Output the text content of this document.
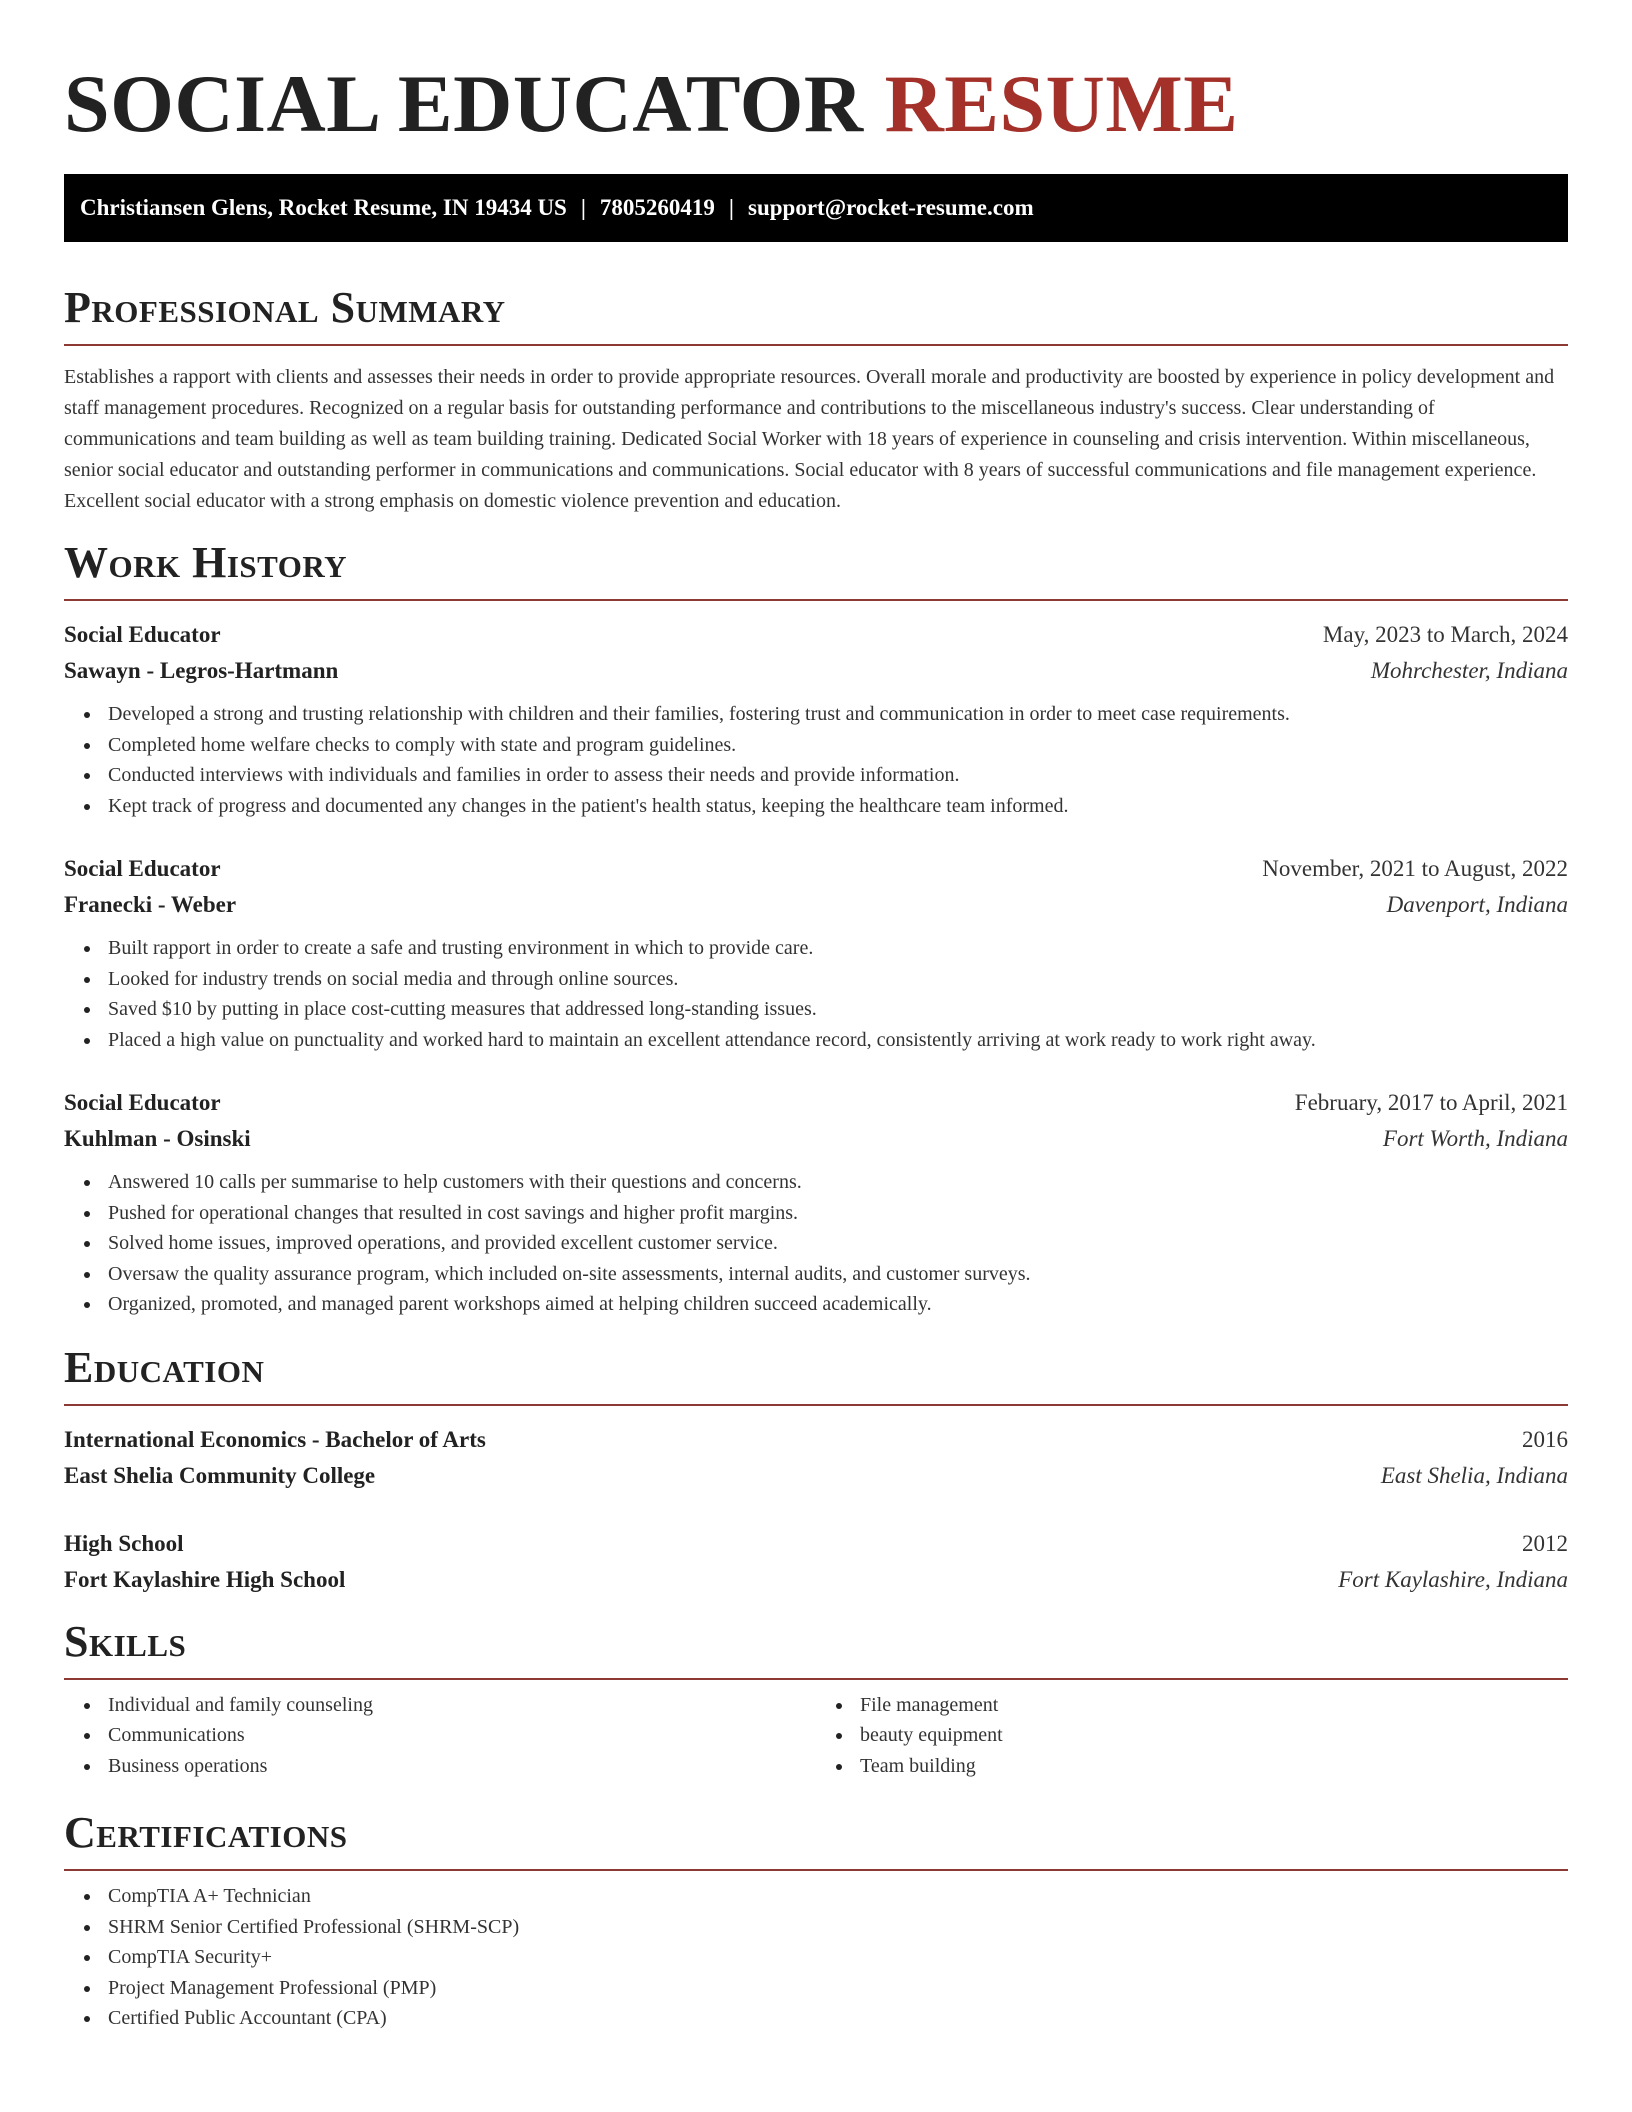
SOCIAL EDUCATOR RESUME
Christiansen Glens, Rocket Resume, IN 19434 US | 7805260419 | support@rocket-resume.com
Professional Summary

Establishes a rapport with clients and assesses their needs in order to provide appropriate resources. Overall morale and productivity are boosted by experience in policy development and staff management procedures. Recognized on a regular basis for outstanding performance and contributions to the miscellaneous industry's success. Clear understanding of communications and team building as well as team building training. Dedicated Social Worker with 18 years of experience in counseling and crisis intervention. Within miscellaneous, senior social educator and outstanding performer in communications and communications. Social educator with 8 years of successful communications and file management experience. Excellent social educator with a strong emphasis on domestic violence prevention and education.

Work History
Social Educator	May, 2023 to March, 2024
Sawayn - Legros-Hartmann	Mohrchester, Indiana
Developed a strong and trusting relationship with children and their families, fostering trust and communication in order to meet case requirements.
Completed home welfare checks to comply with state and program guidelines.
Conducted interviews with individuals and families in order to assess their needs and provide information.
Kept track of progress and documented any changes in the patient's health status, keeping the healthcare team informed.
Social Educator	November, 2021 to August, 2022
Franecki - Weber	Davenport, Indiana
Built rapport in order to create a safe and trusting environment in which to provide care.
Looked for industry trends on social media and through online sources.
Saved $10 by putting in place cost-cutting measures that addressed long-standing issues.
Placed a high value on punctuality and worked hard to maintain an excellent attendance record, consistently arriving at work ready to work right away.
Social Educator	February, 2017 to April, 2021
Kuhlman - Osinski	Fort Worth, Indiana
Answered 10 calls per summarise to help customers with their questions and concerns.
Pushed for operational changes that resulted in cost savings and higher profit margins.
Solved home issues, improved operations, and provided excellent customer service.
Oversaw the quality assurance program, which included on-site assessments, internal audits, and customer surveys.
Organized, promoted, and managed parent workshops aimed at helping children succeed academically.
Education
International Economics - Bachelor of Arts	2016
East Shelia Community College	East Shelia, Indiana
High School	2012
Fort Kaylashire High School	Fort Kaylashire, Indiana
Skills
Individual and family counseling
Communications
Business operations
File management
beauty equipment
Team building
Certifications
CompTIA A+ Technician
SHRM Senior Certified Professional (SHRM-SCP)
CompTIA Security+
Project Management Professional (PMP)
Certified Public Accountant (CPA)
